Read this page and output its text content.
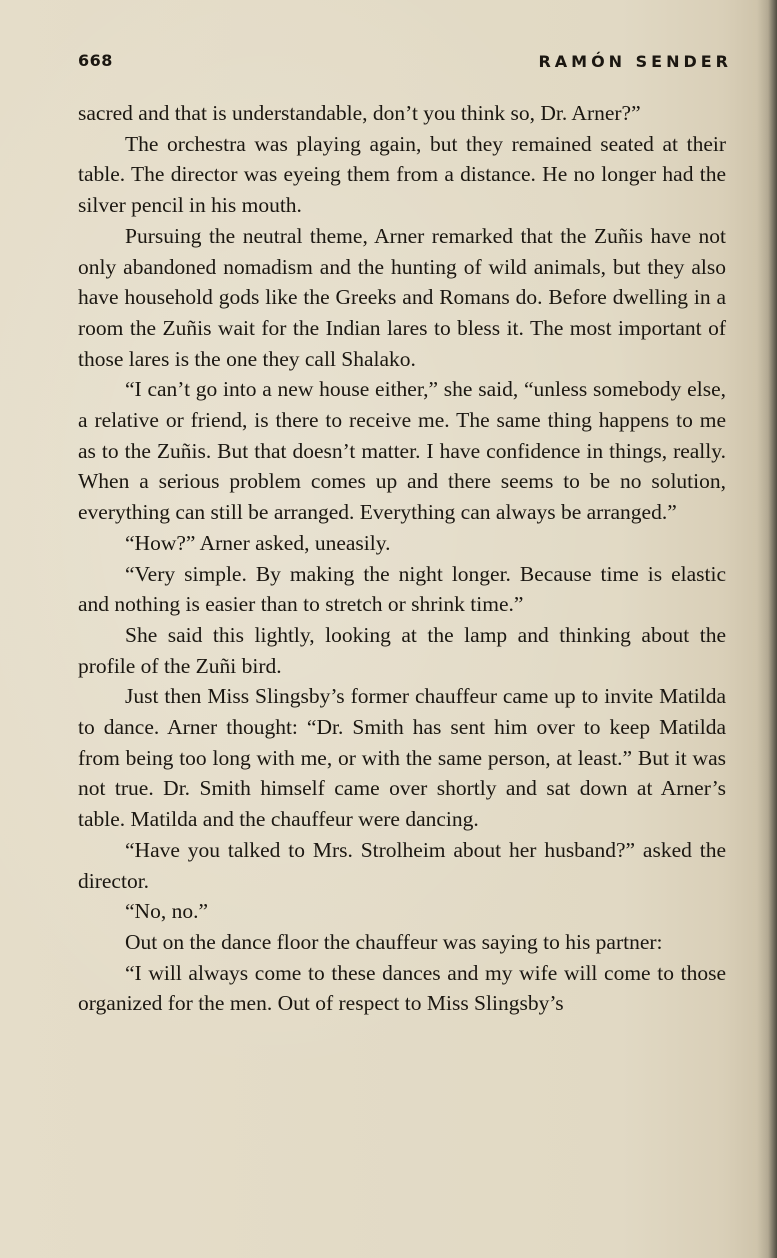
668	RAMÓN SENDER

sacred and that is understandable, don’t you think so, Dr. Arner?”

The orchestra was playing again, but they remained seated at their table. The director was eyeing them from a distance. He no longer had the silver pencil in his mouth.

Pursuing the neutral theme, Arner remarked that the Zuñis have not only abandoned nomadism and the hunting of wild animals, but they also have household gods like the Greeks and Romans do. Before dwelling in a room the Zuñis wait for the Indian lares to bless it. The most important of those lares is the one they call Shalako.

“I can’t go into a new house either,” she said, “unless somebody else, a relative or friend, is there to receive me. The same thing happens to me as to the Zuñis. But that doesn’t matter. I have confidence in things, really. When a serious problem comes up and there seems to be no solution, everything can still be arranged. Everything can always be arranged.”

“How?” Arner asked, uneasily.

“Very simple. By making the night longer. Because time is elastic and nothing is easier than to stretch or shrink time.”

She said this lightly, looking at the lamp and thinking about the profile of the Zuñi bird.

Just then Miss Slingsby’s former chauffeur came up to invite Matilda to dance. Arner thought: “Dr. Smith has sent him over to keep Matilda from being too long with me, or with the same person, at least.” But it was not true. Dr. Smith himself came over shortly and sat down at Arner’s table. Matilda and the chauffeur were dancing.

“Have you talked to Mrs. Strolheim about her husband?” asked the director.

“No, no.”

Out on the dance floor the chauffeur was saying to his partner:

“I will always come to these dances and my wife will come to those organized for the men. Out of respect to Miss Slingsby’s
